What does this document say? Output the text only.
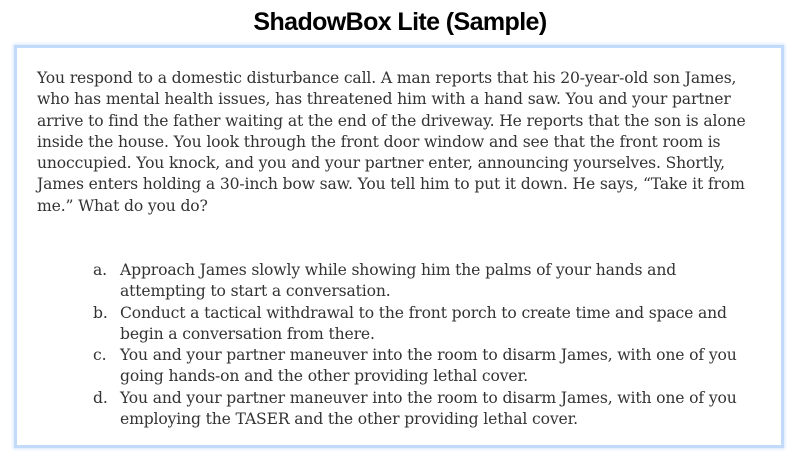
ShadowBox Lite (Sample)

You respond to a domestic disturbance call. A man reports that his 20-year-old son James, who has mental health issues, has threatened him with a hand saw. You and your partner arrive to find the father waiting at the end of the driveway. He reports that the son is alone inside the house. You look through the front door window and see that the front room is unoccupied. You knock, and you and your partner enter, announcing yourselves. Shortly, James enters holding a 30-inch bow saw. You tell him to put it down. He says, “Take it from me.” What do you do?

a. Approach James slowly while showing him the palms of your hands and attempting to start a conversation.
b. Conduct a tactical withdrawal to the front porch to create time and space and begin a conversation from there.
c. You and your partner maneuver into the room to disarm James, with one of you going hands-on and the other providing lethal cover.
d. You and your partner maneuver into the room to disarm James, with one of you employing the TASER and the other providing lethal cover.
